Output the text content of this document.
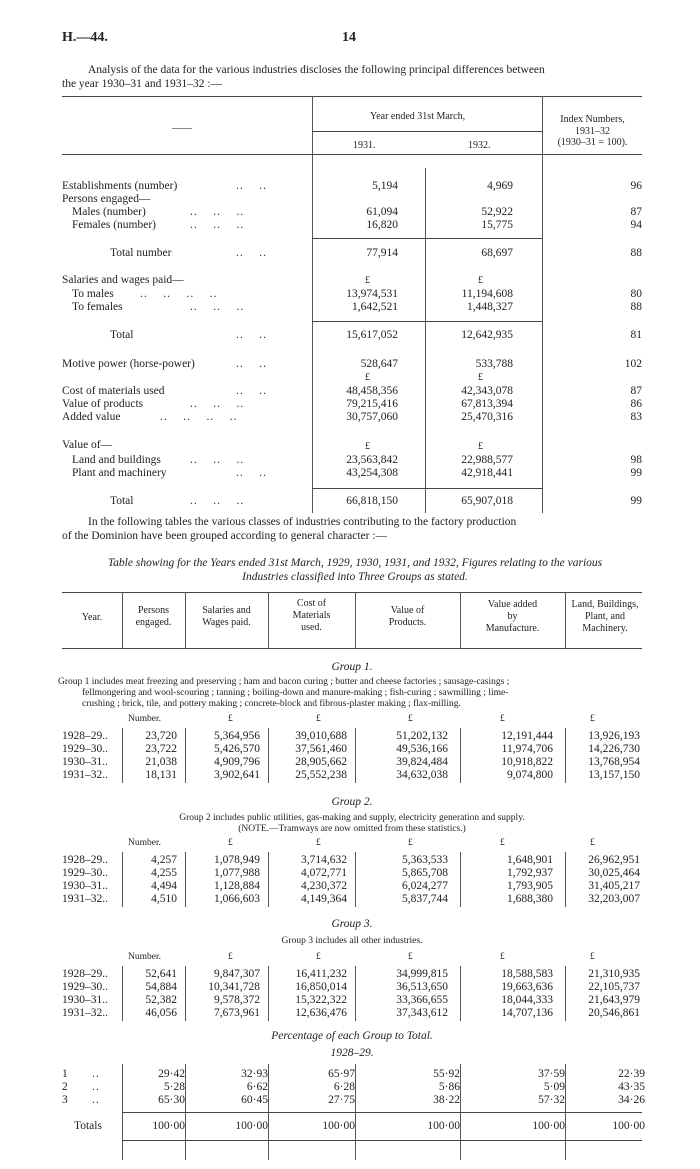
H.—44.	14
Analysis of the data for the various industries discloses the following principal differences between
the year 1930–31 and 1931–32 :—
——
Year ended 31st March,
1931.	1932.
Index Numbers,
1931–32
(1930–31 = 100).
Establishments (number)	..    ..	5,194	4,969	96
Persons engaged—
Males (number)	..    ..    ..	61,094	52,922	87
Females (number)	..    ..    ..	16,820	15,775	94
Total number	..    ..	77,914	68,697	88
Salaries and wages paid—	£	£
To males ..    ..    ..    ..	13,974,531	11,194,608	80
To females	..    ..    ..	1,642,521	1,448,327	88
Total	..    ..	15,617,052	12,642,935	81
Motive power (horse-power)	..    ..	528,647	533,788	102
£	£
Cost of materials used	..    ..	48,458,356	42,343,078	87
Value of products	..    ..    ..	79,215,416	67,813,394	86
Added value	..    ..    ..    ..	30,757,060	25,470,316	83
Value of—	£	£
Land and buildings	..    ..    ..	23,563,842	22,988,577	98
Plant and machinery	..    ..	43,254,308	42,918,441	99
Total	..    ..    ..	66,818,150	65,907,018	99
In the following tables the various classes of industries contributing to the factory production
of the Dominion have been grouped according to general character :—
Table showing for the Years ended 31st March, 1929, 1930, 1931, and 1932, Figures relating to the various
Industries classified into Three Groups as stated.
Year.
Persons
engaged.
Salaries and
Wages paid.
Cost of
Materials
used.
Value of
Products.
Value added
by
Manufacture.
Land, Buildings,
Plant, and
Machinery.
Group 1.
Group 1 includes meat freezing and preserving ; ham and bacon curing ; butter and cheese factories ; sausage-casings ;
fellmongering and wool-scouring ; tanning ; boiling-down and manure-making ; fish-curing ; sawmilling ; lime-
crushing ; brick, tile, and pottery making ; concrete-block and fibrous-plaster making ; flax-milling.
Number.	£	£	£	£	£
1928–29..	23,720	5,364,956	39,010,688	51,202,132	12,191,444	13,926,193
1929–30..	23,722	5,426,570	37,561,460	49,536,166	11,974,706	14,226,730
1930–31..	21,038	4,909,796	28,905,662	39,824,484	10,918,822	13,768,954
1931–32..	18,131	3,902,641	25,552,238	34,632,038	9,074,800	13,157,150
Group 2.
Group 2 includes public utilities, gas-making and supply, electricity generation and supply.
(NOTE.—Tramways are now omitted from these statistics.)
Number.	£	£	£	£	£
1928–29..	4,257	1,078,949	3,714,632	5,363,533	1,648,901	26,962,951
1929–30..	4,255	1,077,988	4,072,771	5,865,708	1,792,937	30,025,464
1930–31..	4,494	1,128,884	4,230,372	6,024,277	1,793,905	31,405,217
1931–32..	4,510	1,066,603	4,149,364	5,837,744	1,688,380	32,203,007
Group 3.
Group 3 includes all other industries.
Number.	£	£	£	£	£
1928–29..	52,641	9,847,307	16,411,232	34,999,815	18,588,583	21,310,935
1929–30..	54,884	10,341,728	16,850,014	36,513,650	19,663,636	22,105,737
1930–31..	52,382	9,578,372	15,322,322	33,366,655	18,044,333	21,643,979
1931–32..	46,056	7,673,961	12,636,476	37,343,612	14,707,136	20,546,861
Percentage of each Group to Total.
1928–29.
1 ..	29·42	32·93	65·97	55·92	37·59	22·39
2 ..	5·28	6·62	6·28	5·86	5·09	43·35
3 ..	65·30	60·45	27·75	38·22	57·32	34·26
Totals	100·00	100·00	100·00	100·00	100·00	100·00
